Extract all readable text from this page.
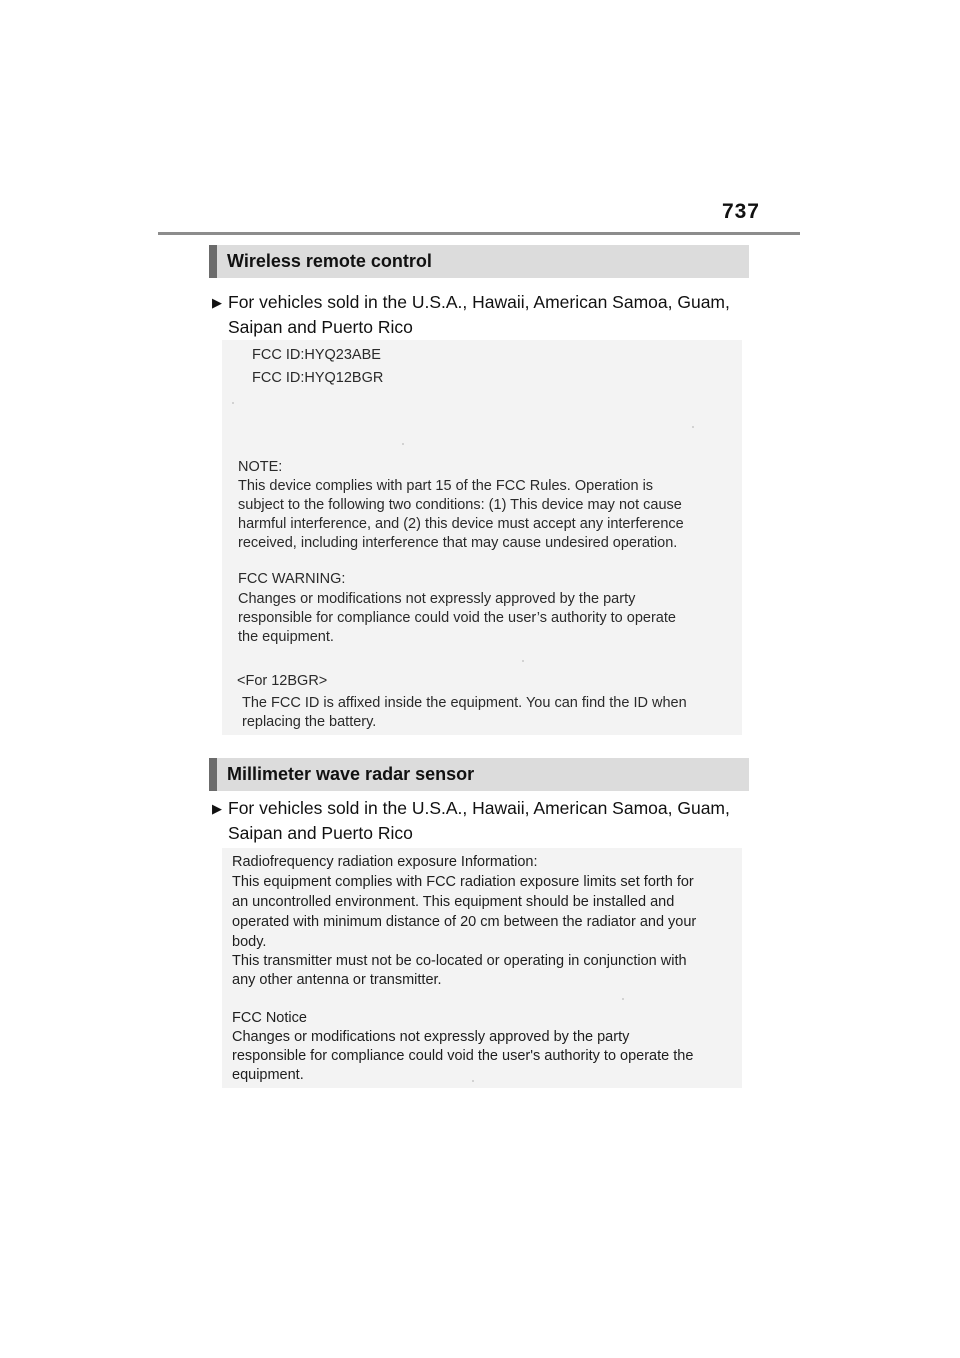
737
Wireless remote control
▶ For vehicles sold in the U.S.A., Hawaii, American Samoa, Guam,
Saipan and Puerto Rico
FCC ID:HYQ23ABE
FCC ID:HYQ12BGR
NOTE:
This device complies with part 15 of the FCC Rules. Operation is
subject to the following two conditions: (1) This device may not cause
harmful interference, and (2) this device must accept any interference
received, including interference that may cause undesired operation.
FCC WARNING:
Changes or modifications not expressly approved by the party
responsible for compliance could void the user’s authority to operate
the equipment.
<For 12BGR>
The FCC ID is affixed inside the equipment. You can find the ID when
replacing the battery.
Millimeter wave radar sensor
▶ For vehicles sold in the U.S.A., Hawaii, American Samoa, Guam,
Saipan and Puerto Rico
Radiofrequency radiation exposure Information:
This equipment complies with FCC radiation exposure limits set forth for
an uncontrolled environment. This equipment should be installed and
operated with minimum distance of 20 cm between the radiator and your
body.
This transmitter must not be co-located or operating in conjunction with
any other antenna or transmitter.
FCC Notice
Changes or modifications not expressly approved by the party
responsible for compliance could void the user's authority to operate the
equipment.
